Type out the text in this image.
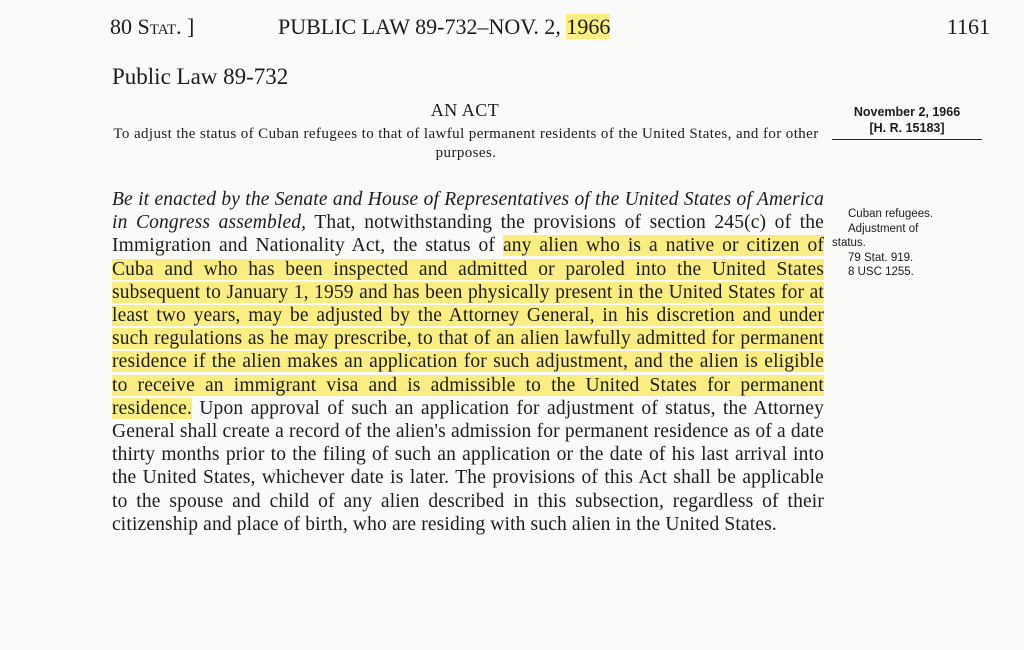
80 Stat. ]	PUBLIC LAW 89-732–NOV. 2, 1966	1161
Public Law 89-732
AN ACT
To adjust the status of Cuban refugees to that of lawful permanent residents of the United States, and for other purposes.
November 2, 1966
[H. R. 15183]
Be it enacted by the Senate and House of Representatives of the United States of America in Congress assembled, That, notwithstanding the provisions of section 245(c) of the Immigration and Nationality Act, the status of any alien who is a native or citizen of Cuba and who has been inspected and admitted or paroled into the United States subsequent to January 1, 1959 and has been physically present in the United States for at least two years, may be adjusted by the Attorney General, in his discretion and under such regulations as he may prescribe, to that of an alien lawfully admitted for permanent residence if the alien makes an application for such adjustment, and the alien is eligible to receive an immigrant visa and is admissible to the United States for permanent residence. Upon approval of such an application for adjustment of status, the Attorney General shall create a record of the alien's admission for permanent residence as of a date thirty months prior to the filing of such an application or the date of his last arrival into the United States, whichever date is later. The provisions of this Act shall be applicable to the spouse and child of any alien described in this subsection, regardless of their citizenship and place of birth, who are residing with such alien in the United States.
Cuban refugees.
Adjustment of
status.
79 Stat. 919.
8 USC 1255.
